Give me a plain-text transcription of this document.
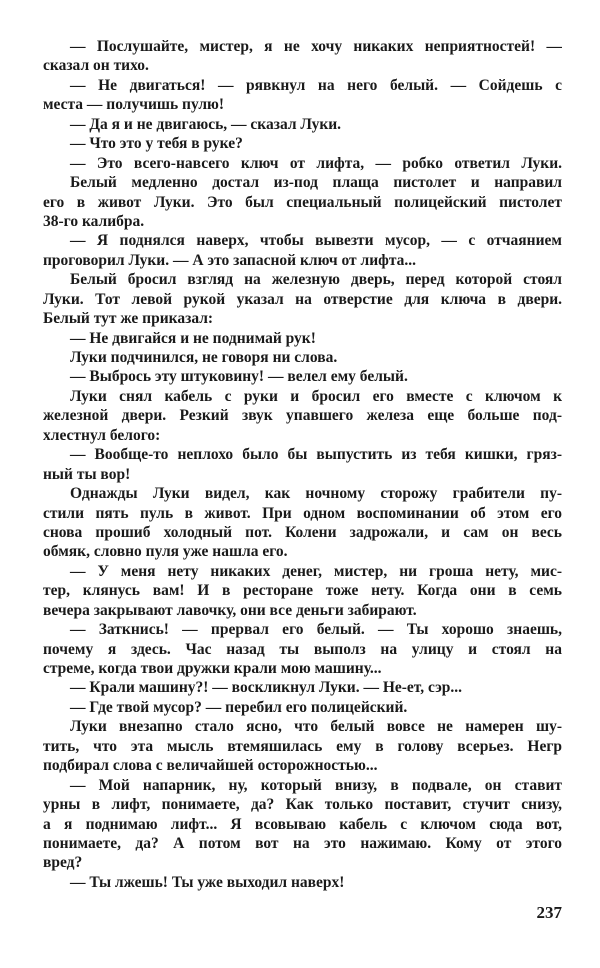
— Послушайте, мистер, я не хочу никаких неприятностей! —
сказал он тихо.
— Не двигаться! — рявкнул на него белый. — Сойдешь с
места — получишь пулю!
— Да я и не двигаюсь, — сказал Луки.
— Что это у тебя в руке?
— Это всего-навсего ключ от лифта, — робко ответил Луки.
Белый медленно достал из-под плаща пистолет и направил
его в живот Луки. Это был специальный полицейский пистолет
38-го калибра.
— Я поднялся наверх, чтобы вывезти мусор, — с отчаянием
проговорил Луки. — А это запасной ключ от лифта...
Белый бросил взгляд на железную дверь, перед которой стоял
Луки. Тот левой рукой указал на отверстие для ключа в двери.
Белый тут же приказал:
— Не двигайся и не поднимай рук!
Луки подчинился, не говоря ни слова.
— Выбрось эту штуковину! — велел ему белый.
Луки снял кабель с руки и бросил его вместе с ключом к
железной двери. Резкий звук упавшего железа еще больше под-
хлестнул белого:
— Вообще-то неплохо было бы выпустить из тебя кишки, гряз-
ный ты вор!
Однажды Луки видел, как ночному сторожу грабители пу-
стили пять пуль в живот. При одном воспоминании об этом его
снова прошиб холодный пот. Колени задрожали, и сам он весь
обмяк, словно пуля уже нашла его.
— У меня нету никаких денег, мистер, ни гроша нету, мис-
тер, клянусь вам! И в ресторане тоже нету. Когда они в семь
вечера закрывают лавочку, они все деньги забирают.
— Заткнись! — прервал его белый. — Ты хорошо знаешь,
почему я здесь. Час назад ты выполз на улицу и стоял на
стреме, когда твои дружки крали мою машину...
— Крали машину?! — воскликнул Луки. — Не-ет, сэр...
— Где твой мусор? — перебил его полицейский.
Луки внезапно стало ясно, что белый вовсе не намерен шу-
тить, что эта мысль втемяшилась ему в голову всерьез. Негр
подбирал слова с величайшей осторожностью...
— Мой напарник, ну, который внизу, в подвале, он ставит
урны в лифт, понимаете, да? Как только поставит, стучит снизу,
а я поднимаю лифт... Я всовываю кабель с ключом сюда вот,
понимаете, да? А потом вот на это нажимаю. Кому от этого
вред?
— Ты лжешь! Ты уже выходил наверх!
237
